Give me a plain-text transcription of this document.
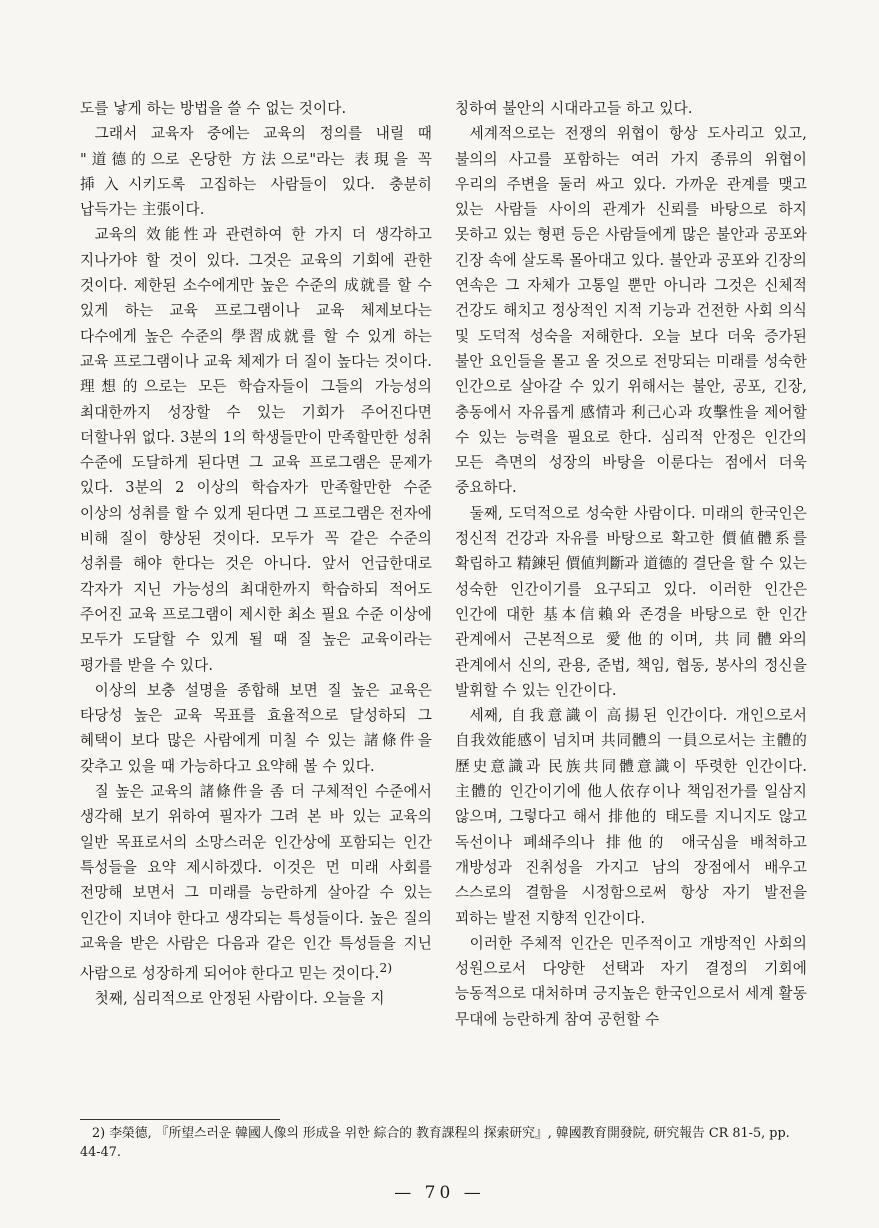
도를 낳게 하는 방법을 쓸 수 없는 것이다.

그래서 교육자 중에는 교육의 정의를 내릴 때 "道德的으로 온당한 方法으로"라는 表現을 꼭 揷入시키도록 고집하는 사람들이 있다. 충분히 납득가는 主張이다.

교육의 效能性과 관련하여 한 가지 더 생각하고 지나가야 할 것이 있다. 그것은 교육의 기회에 관한 것이다. 제한된 소수에게만 높은 수준의 成就를 할 수 있게 하는 교육 프로그램이나 교육 체제보다는 다수에게 높은 수준의 學習成就를 할 수 있게 하는 교육 프로그램이나 교육 체제가 더 질이 높다는 것이다. 理想的으로는 모든 학습자들이 그들의 가능성의 최대한까지 성장할 수 있는 기회가 주어진다면 더할나위 없다. 3분의 1의 학생들만이 만족할만한 성취 수준에 도달하게 된다면 그 교육 프로그램은 문제가 있다. 3분의 2 이상의 학습자가 만족할만한 수준 이상의 성취를 할 수 있게 된다면 그 프로그램은 전자에 비해 질이 향상된 것이다. 모두가 꼭 같은 수준의 성취를 해야 한다는 것은 아니다. 앞서 언급한대로 각자가 지닌 가능성의 최대한까지 학습하되 적어도 주어진 교육 프로그램이 제시한 최소 필요 수준 이상에 모두가 도달할 수 있게 될 때 질 높은 교육이라는 평가를 받을 수 있다.

이상의 보충 설명을 종합해 보면 질 높은 교육은 타당성 높은 교육 목표를 효율적으로 달성하되 그 혜택이 보다 많은 사람에게 미칠 수 있는 諸條件을 갖추고 있을 때 가능하다고 요약해 볼 수 있다.

질 높은 교육의 諸條件을 좀 더 구체적인 수준에서 생각해 보기 위하여 필자가 그려 본 바 있는 교육의 일반 목표로서의 소망스러운 인간상에 포함되는 인간 특성들을 요약 제시하겠다. 이것은 먼 미래 사회를 전망해 보면서 그 미래를 능란하게 살아갈 수 있는 인간이 지녀야 한다고 생각되는 특성들이다. 높은 질의 교육을 받은 사람은 다음과 같은 인간 특성들을 지닌 사람으로 성장하게 되어야 한다고 믿는 것이다.$^{2)}$

첫째, 심리적으로 안정된 사람이다. 오늘을 지

칭하여 불안의 시대라고들 하고 있다.

세계적으로는 전쟁의 위협이 항상 도사리고 있고, 불의의 사고를 포함하는 여러 가지 종류의 위협이 우리의 주변을 둘러 싸고 있다. 가까운 관계를 맺고 있는 사람들 사이의 관계가 신뢰를 바탕으로 하지 못하고 있는 형편 등은 사람들에게 많은 불안과 공포와 긴장 속에 살도록 몰아대고 있다. 불안과 공포와 긴장의 연속은 그 자체가 고통일 뿐만 아니라 그것은 신체적 건강도 해치고 정상적인 지적 기능과 건전한 사회 의식 및 도덕적 성숙을 저해한다. 오늘 보다 더욱 증가된 불안 요인들을 몰고 올 것으로 전망되는 미래를 성숙한 인간으로 살아갈 수 있기 위해서는 불안, 공포, 긴장, 충동에서 자유롭게 感情과 利己心과 攻擊性을 제어할 수 있는 능력을 필요로 한다. 심리적 안정은 인간의 모든 측면의 성장의 바탕을 이룬다는 점에서 더욱 중요하다.

둘째, 도덕적으로 성숙한 사람이다. 미래의 한국인은 정신적 건강과 자유를 바탕으로 확고한 價値體系를 확립하고 精鍊된 價値判斷과 道德的 결단을 할 수 있는 성숙한 인간이기를 요구되고 있다. 이러한 인간은 인간에 대한 基本信賴와 존경을 바탕으로 한 인간 관계에서 근본적으로 愛他的이며, 共同體와의 관계에서 신의, 관용, 준법, 책임, 협동, 봉사의 정신을 발휘할 수 있는 인간이다.

세째, 自我意識이 高揚된 인간이다. 개인으로서 自我效能感이 넘치며 共同體의 一員으로서는 主體的 歷史意識과 民族共同體意識이 뚜렷한 인간이다. 主體的 인간이기에 他人依存이나 책임전가를 일삼지 않으며, 그렇다고 해서 排他的 태도를 지니지도 않고 독선이나 폐쇄주의나 排他的 애국심을 배척하고 개방성과 진취성을 가지고 남의 장점에서 배우고 스스로의 결함을 시정함으로써 항상 자기 발전을 꾀하는 발전 지향적 인간이다.

이러한 주체적 인간은 민주적이고 개방적인 사회의 성원으로서 다양한 선택과 자기 결정의 기회에 능동적으로 대처하며 긍지높은 한국인으로서 세계 활동 무대에 능란하게 참여 공헌할 수

2) 李榮德, 『所望스러운 韓國人像의 形成을 위한 綜合的 教育課程의 探索研究』, 韓國教育開發院, 研究報告 CR 81-5, pp. 44-47.
— 70 —
